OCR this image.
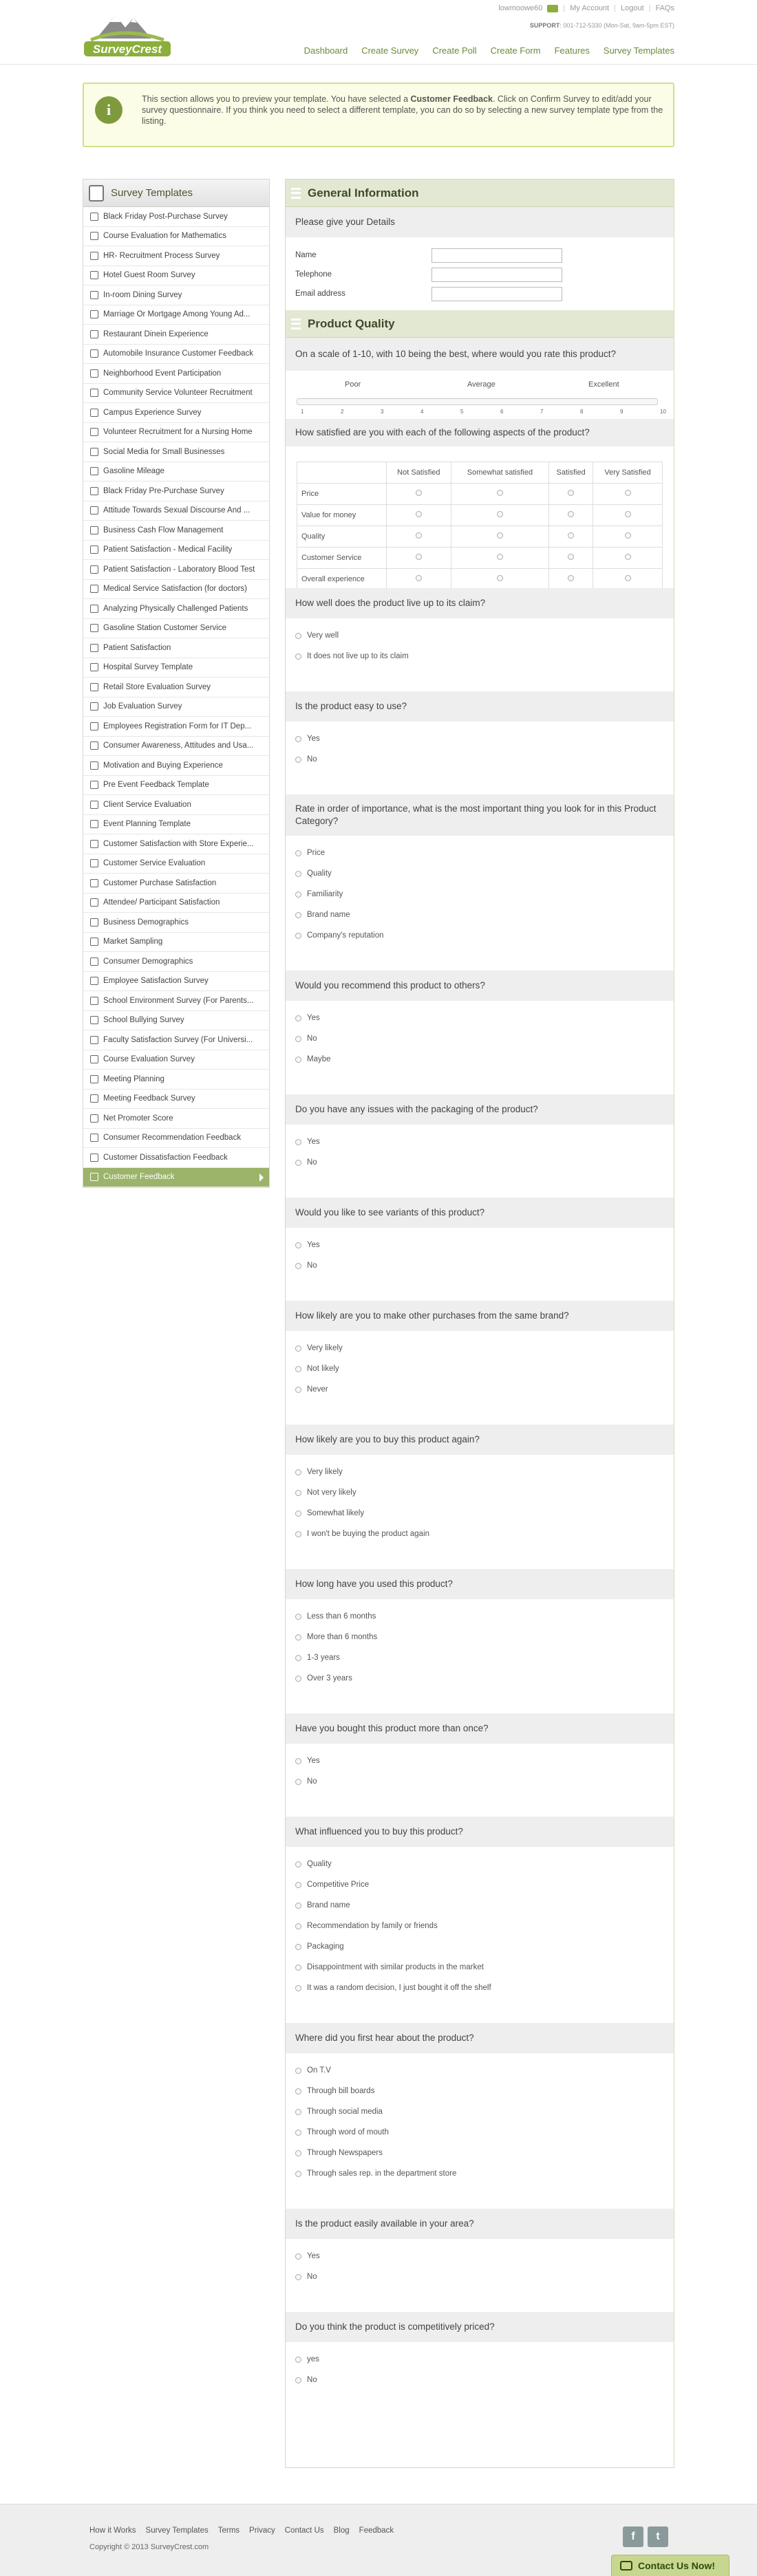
SurveyCrest
lowmoowe60	| My Account | Logout | FAQs
SUPPORT: 001-712-5330 (Mon-Sat, 9am-5pm EST)
Dashboard Create Survey Create Poll Create Form Features Survey Templates
i
This section allows you to preview your template. You have selected a Customer Feedback. Click on Confirm Survey to edit/add your survey questionnaire. If you think you need to select a different template, you can do so by selecting a new survey template type from the listing.
Survey Templates
Black Friday Post-Purchase Survey
Course Evaluation for Mathematics
HR- Recruitment Process Survey
Hotel Guest Room Survey
In-room Dining Survey
Marriage Or Mortgage Among Young Ad...
Restaurant Dinein Experience
Automobile Insurance Customer Feedback
Neighborhood Event Participation
Community Service Volunteer Recruitment
Campus Experience Survey
Volunteer Recruitment for a Nursing Home
Social Media for Small Businesses
Gasoline Mileage
Black Friday Pre-Purchase Survey
Attitude Towards Sexual Discourse And ...
Business Cash Flow Management
Patient Satisfaction - Medical Facility
Patient Satisfaction - Laboratory Blood Test
Medical Service Satisfaction (for doctors)
Analyzing Physically Challenged Patients
Gasoline Station Customer Service
Patient Satisfaction
Hospital Survey Template
Retail Store Evaluation Survey
Job Evaluation Survey
Employees Registration Form for IT Dep...
Consumer Awareness, Attitudes and Usa...
Motivation and Buying Experience
Pre Event Feedback Template
Client Service Evaluation
Event Planning Template
Customer Satisfaction with Store Experie...
Customer Service Evaluation
Customer Purchase Satisfaction
Attendee/ Participant Satisfaction
Business Demographics
Market Sampling
Consumer Demographics
Employee Satisfaction Survey
School Environment Survey (For Parents...
School Bullying Survey
Faculty Satisfaction Survey (For Universi...
Course Evaluation Survey
Meeting Planning
Meeting Feedback Survey
Net Promoter Score
Consumer Recommendation Feedback
Customer Dissatisfaction Feedback
Customer Feedback
General Information
Please give your Details
Name
Telephone
Email address
Product Quality
On a scale of 1-10, with 10 being the best, where would you rate this product?
Poor	Average	Excellent
1	2	3	4	5	6	7	8	9	10
How satisfied are you with each of the following aspects of the product?
	Not Satisfied	Somewhat satisfied	Satisfied	Very Satisfied
Price				
Value for money				
Quality				
Customer Service				
Overall experience				
How well does the product live up to its claim?
Very well
It does not live up to its claim
Is the product easy to use?
Yes
No
Rate in order of importance, what is the most important thing you look for in this Product Category?
Price
Quality
Familiarity
Brand name
Company's reputation
Would you recommend this product to others?
Yes
No
Maybe
Do you have any issues with the packaging of the product?
Yes
No
Would you like to see variants of this product?
Yes
No
How likely are you to make other purchases from the same brand?
Very likely
Not likely
Never
How likely are you to buy this product again?
Very likely
Not very likely
Somewhat likely
I won't be buying the product again
How long have you used this product?
Less than 6 months
More than 6 months
1-3 years
Over 3 years
Have you bought this product more than once?
Yes
No
What influenced you to buy this product?
Quality
Competitive Price
Brand name
Recommendation by family or friends
Packaging
Disappointment with similar products in the market
It was a random decision, I just bought it off the shelf
Where did you first hear about the product?
On T.V
Through bill boards
Through social media
Through word of mouth
Through Newspapers
Through sales rep. in the department store
Is the product easily available in your area?
Yes
No
Do you think the product is competitively priced?
yes
No
How it Works Survey Templates Terms Privacy Contact Us Blog Feedback
Copyright © 2013 SurveyCrest.com
f	t
Contact Us Now!
